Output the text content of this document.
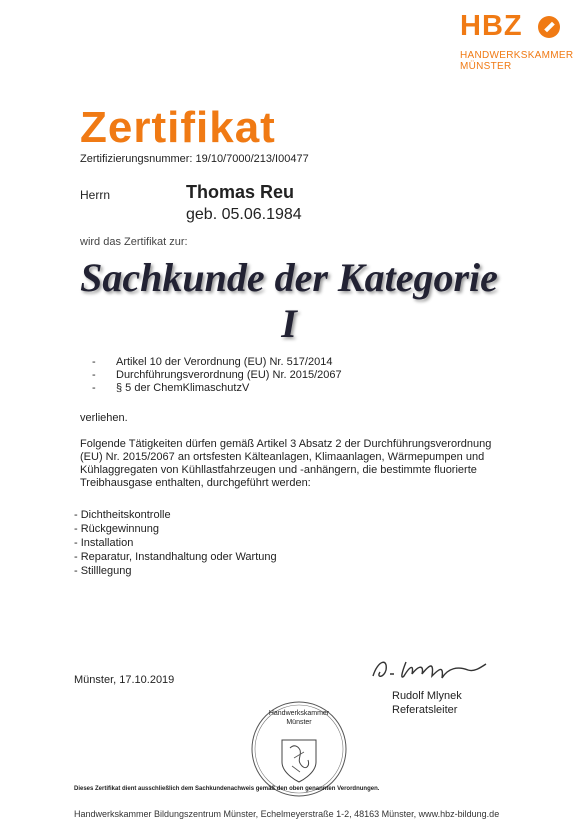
HBZ
HANDWERKSKAMMER
MÜNSTER
Zertifikat
Zertifizierungsnummer: 19/10/7000/213/I00477
Herrn	Thomas Reu
geb. 05.06.1984
wird das Zertifikat zur:
Sachkunde der Kategorie
I
- Artikel 10 der Verordnung (EU) Nr. 517/2014
- Durchführungsverordnung (EU) Nr. 2015/2067
- § 5 der ChemKlimaschutzV
verliehen.
Folgende Tätigkeiten dürfen gemäß Artikel 3 Absatz 2 der Durchführungsverordnung
(EU) Nr. 2015/2067 an ortsfesten Kälteanlagen, Klimaanlagen, Wärmepumpen und
Kühlaggregaten von Kühllastfahrzeugen und -anhängern, die bestimmte fluorierte
Treibhausgase enthalten, durchgeführt werden:
- Dichtheitskontrolle
- Rückgewinnung
- Installation
- Reparatur, Instandhaltung oder Wartung
- Stilllegung
Münster, 17.10.2019
Rudolf Mlynek
Referatsleiter
Handwerkskammer
Münster
Dieses Zertifikat dient ausschließlich dem Sachkundenachweis gemäß den oben genannten Verordnungen.
Handwerkskammer Bildungszentrum Münster, Echelmeyerstraße 1-2, 48163 Münster, www.hbz-bildung.de
